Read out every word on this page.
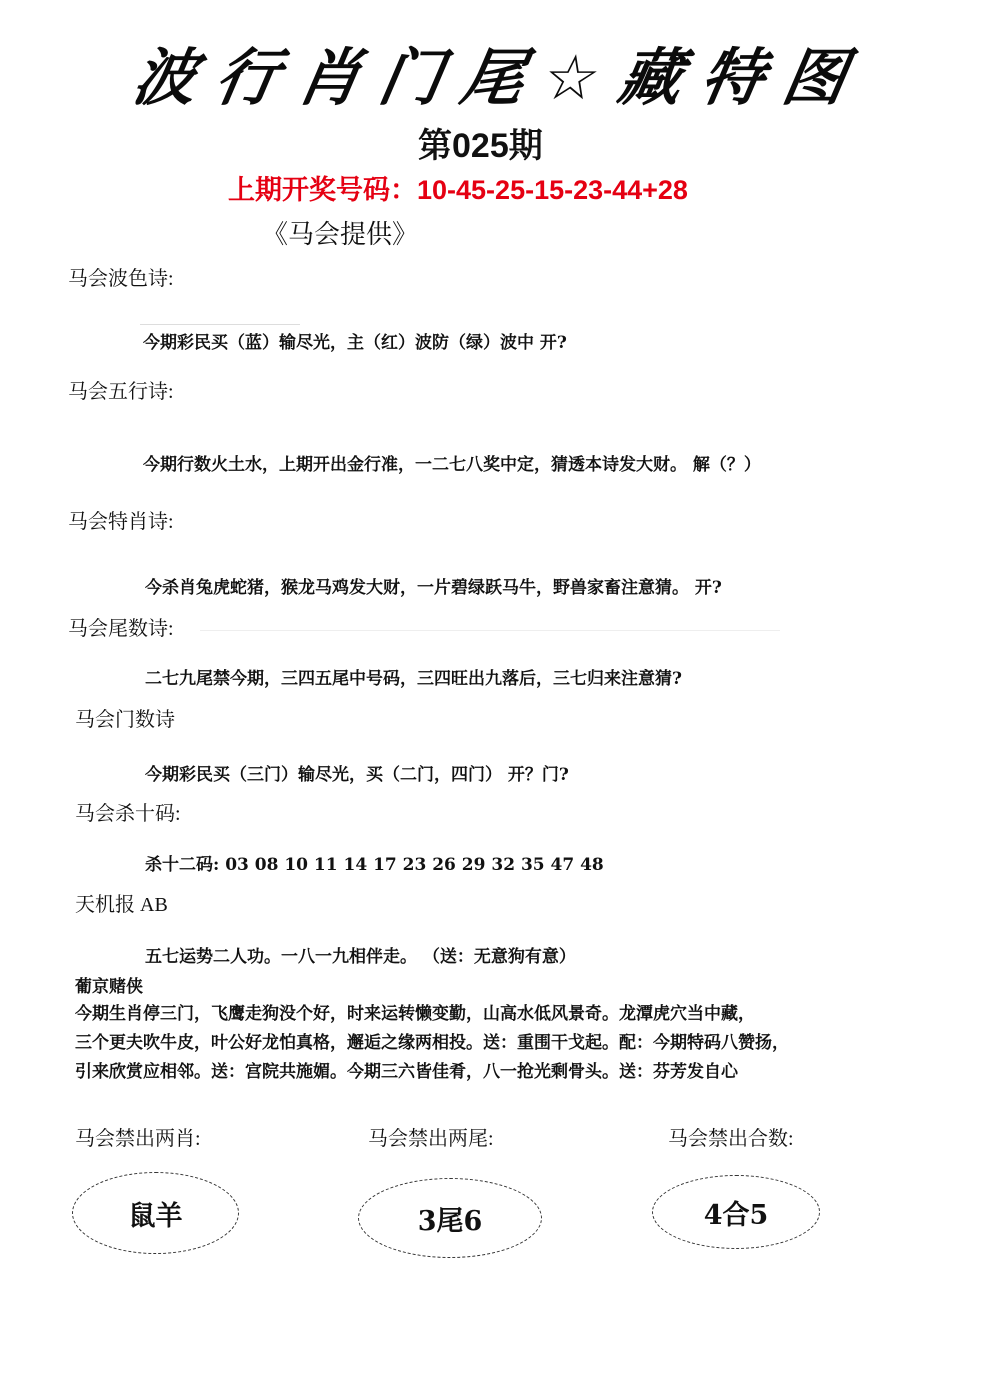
波行肖门尾☆藏特图
第025期
上期开奖号码：10-45-25-15-23-44+28
《马会提供》
马会波色诗:
今期彩民买（蓝）输尽光，主（红）波防（绿）波中 开?
马会五行诗:
今期行数火土水，上期开出金行准，一二七八奖中定，猜透本诗发大财。 解（？）
马会特肖诗:
今杀肖兔虎蛇猪，猴龙马鸡发大财，一片碧绿跃马牛，野兽家畜注意猜。 开?
马会尾数诗:
二七九尾禁今期，三四五尾中号码，三四旺出九落后，三七归来注意猜?
马会门数诗
今期彩民买（三门）输尽光，买（二门，四门） 开？门?
马会杀十码:
杀十二码: 03 08 10 11 14 17 23 26 29 32 35 47 48
天机报 AB
五七运势二人功。一八一九相伴走。 （送：无意狗有意）
葡京赌侠
今期生肖停三门，飞鹰走狗没个好，时来运转懒变勤，山高水低风景奇。龙潭虎穴当中藏，
三个更夫吹牛皮，叶公好龙怕真格，邂逅之缘两相投。送：重围干戈起。配：今期特码八赞扬，
引来欣赏应相邻。送：宫院共施媚。今期三六皆佳肴，八一抢光剩骨头。送：芬芳发自心
马会禁出两肖:	马会禁出两尾:	马会禁出合数:
鼠羊	3尾6	4合5
